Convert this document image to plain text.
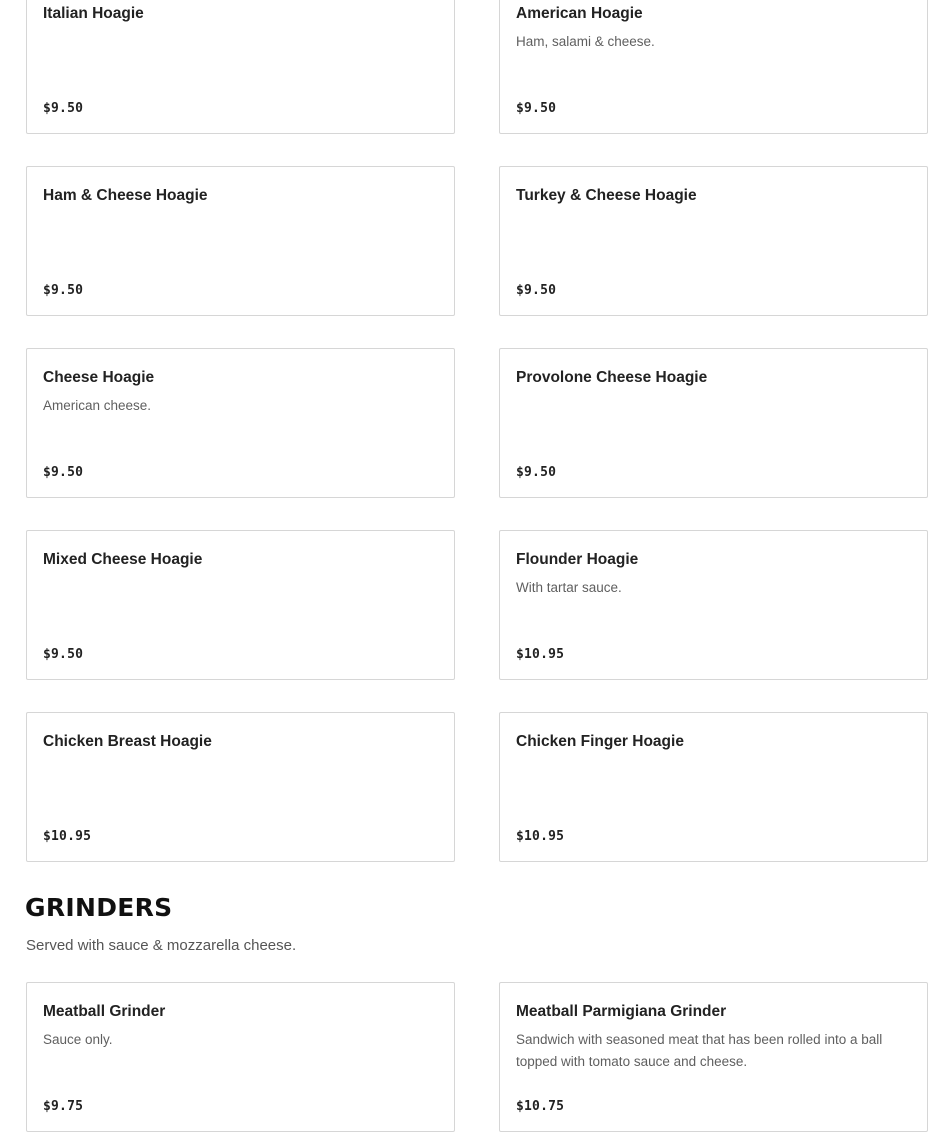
Italian Hoagie
$9.50
American Hoagie
Ham, salami & cheese.
$9.50
Ham & Cheese Hoagie
$9.50
Turkey & Cheese Hoagie
$9.50
Cheese Hoagie
American cheese.
$9.50
Provolone Cheese Hoagie
$9.50
Mixed Cheese Hoagie
$9.50
Flounder Hoagie
With tartar sauce.
$10.95
Chicken Breast Hoagie
$10.95
Chicken Finger Hoagie
$10.95
GRINDERS

Served with sauce & mozzarella cheese.

Meatball Grinder
Sauce only.
$9.75
Meatball Parmigiana Grinder
Sandwich with seasoned meat that has been rolled into a ball topped with tomato sauce and cheese.
$10.75
